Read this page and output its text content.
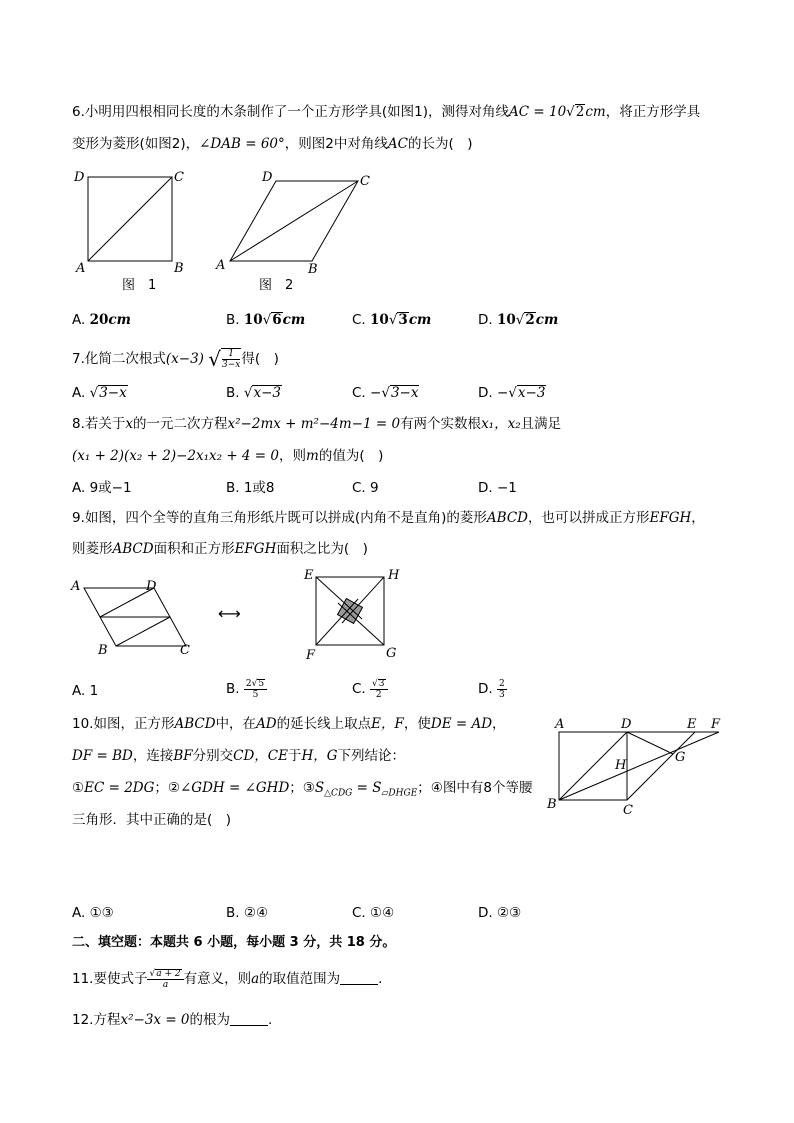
6.小明用四根相同长度的木条制作了一个正方形学具(如图1)，测得对角线AC = 10√2cm，将正方形学具
变形为菱形(如图2)，∠DAB = 60°，则图2中对角线AC的长为(　)
D	C
A	B
图　1
D	C
A	B
图　2
A. 20cm	B. 10√6cm	C. 10√3cm	D. 10√2cm
7.化简二次根式(x−3) √ $\frac{1}{3-x}$ 得(　)
A. √3−x	B. √x−3	C. −√3−x	D. −√x−3
8.若关于x的一元二次方程x²−2mx + m²−4m−1 = 0有两个实数根x₁，x₂且满足
(x₁ + 2)(x₂ + 2)−2x₁x₂ + 4 = 0，则m的值为(　)
A. 9或−1	B. 1或8	C. 9	D. −1
9.如图，四个全等的直角三角形纸片既可以拼成(内角不是直角)的菱形ABCD，也可以拼成正方形EFGH，
则菱形ABCD面积和正方形EFGH面积之比为(　)
A	D
B	C
⟷
E	H
F	G
A. 1	B. $\frac{2√5}{5}$	C. $\frac{√3}{2}$	D. $\frac{2}{3}$
10.如图，正方形ABCD中，在AD的延长线上取点E，F，使DE = AD，
DF = BD，连接BF分别交CD，CE于H，G下列结论：
①EC = 2DG；②∠GDH = ∠GHD；$③S_{\triangle CDG} = S_{▱DHGE}$；④图中有8个等腰
三角形．其中正确的是(　)
A	D	E F
H
G
B	C
A. ①③	B. ②④	C. ①④	D. ②③
二、填空题：本题共 6 小题，每小题 3 分，共 18 分。
11.要使式子 $\frac{√a + 2}{a}$ 有意义，则a的取值范围为	.
12.方程x²−3x = 0的根为	.
